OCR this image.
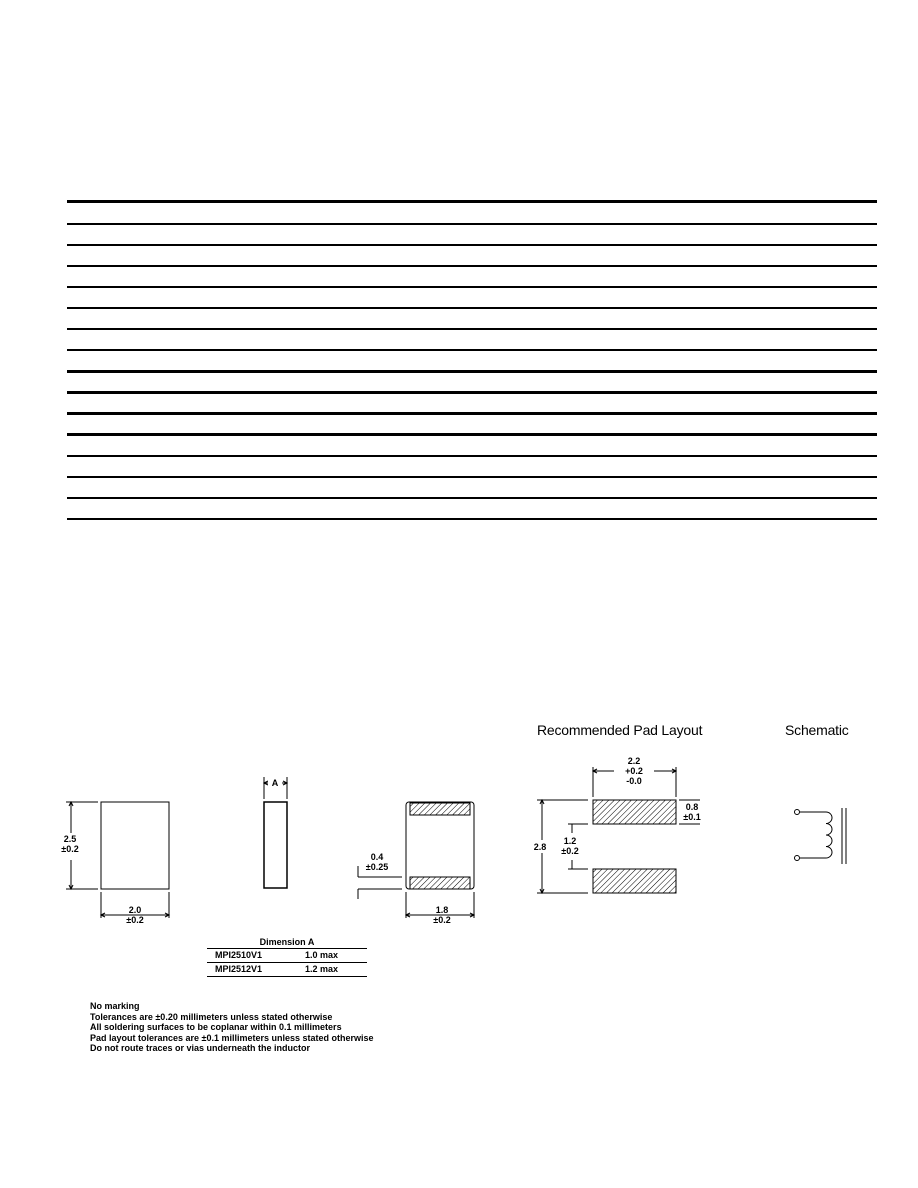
Recommended Pad Layout	Schematic
2.5
±0.2
2.0
±0.2
A
0.4
±0.25
1.8
±0.2
2.2
+0.2
-0.0
0.8
±0.1
1.2
±0.2
2.8
Dimension A
MPI2510V1	1.0 max
MPI2512V1	1.2 max
No marking
Tolerances are ±0.20 millimeters unless stated otherwise
All soldering surfaces to be coplanar within 0.1 millimeters
Pad layout tolerances are ±0.1 millimeters unless stated otherwise
Do not route traces or vias underneath the inductor
